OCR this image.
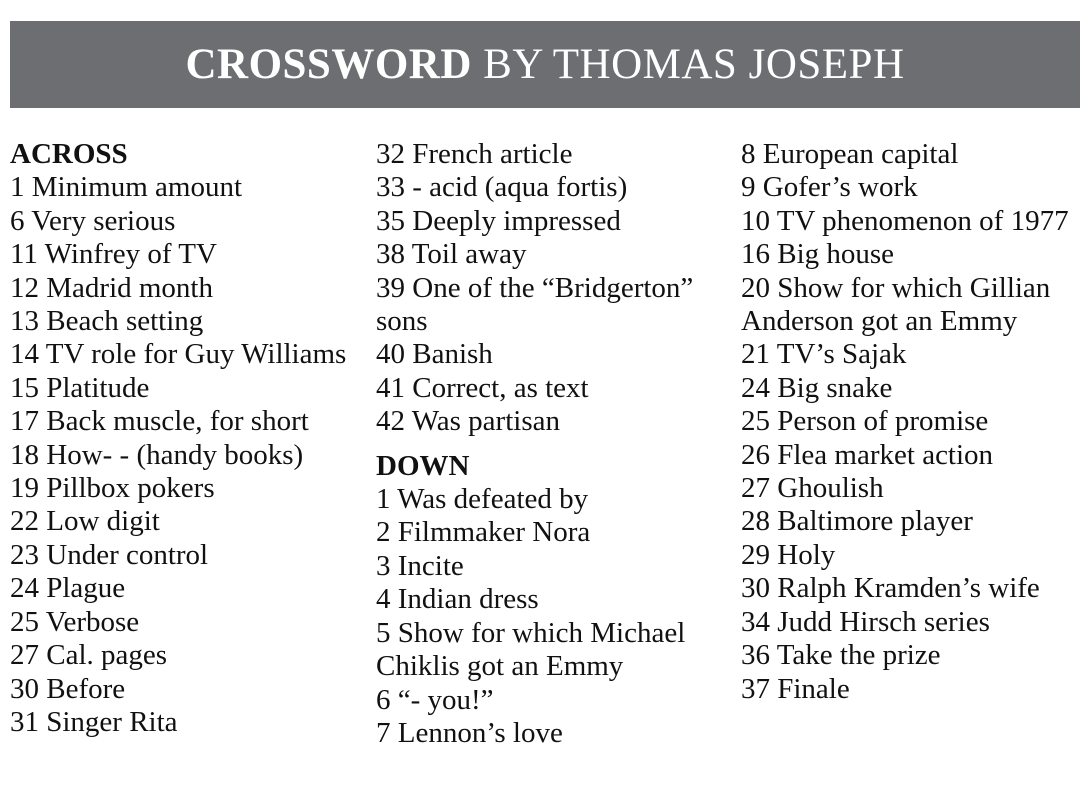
CROSSWORD BY THOMAS JOSEPH

ACROSS

1 Minimum amount

6 Very serious

11 Winfrey of TV

12 Madrid month

13 Beach setting

14 TV role for Guy Williams

15 Platitude

17 Back muscle, for short

18 How- - (handy books)

19 Pillbox pokers

22 Low digit

23 Under control

24 Plague

25 Verbose

27 Cal. pages

30 Before

31 Singer Rita

32 French article

33 - acid (aqua fortis)

35 Deeply impressed

38 Toil away

39 One of the “Bridgerton” sons

40 Banish

41 Correct, as text

42 Was partisan

DOWN

1 Was defeated by

2 Filmmaker Nora

3 Incite

4 Indian dress

5 Show for which Michael Chiklis got an Emmy

6 “- you!”

7 Lennon’s love

8 European capital

9 Gofer’s work

10 TV phenomenon of 1977

16 Big house

20 Show for which Gillian Anderson got an Emmy

21 TV’s Sajak

24 Big snake

25 Person of promise

26 Flea market action

27 Ghoulish

28 Baltimore player

29 Holy

30 Ralph Kramden’s wife

34 Judd Hirsch series

36 Take the prize

37 Finale
